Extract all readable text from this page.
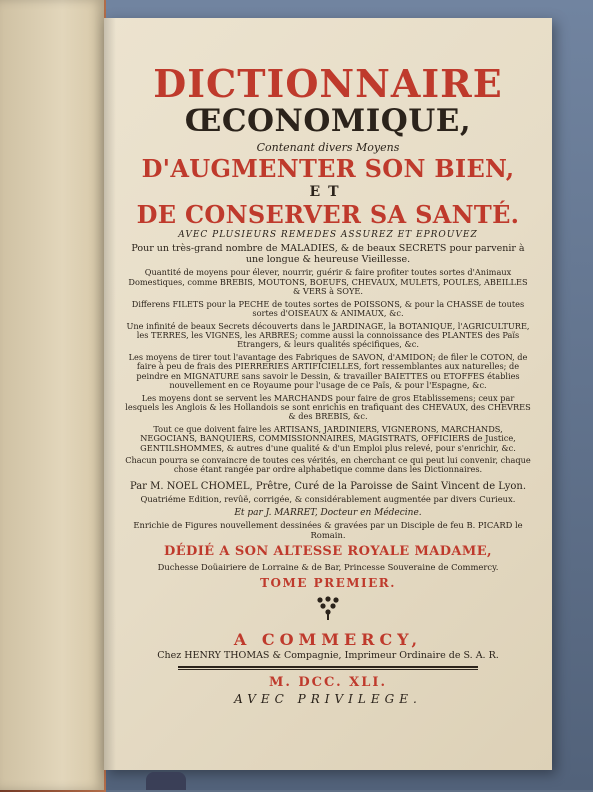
DICTIONNAIRE

ŒCONOMIQUE,

Contenant divers Moyens

D'AUGMENTER SON BIEN,

ET

DE CONSERVER SA SANTÉ.

AVEC PLUSIEURS REMEDES ASSUREZ ET EPROUVEZ

Pour un très-grand nombre de MALADIES, & de beaux SECRETS pour parvenir à une longue & heureuse Vieillesse.

Quantité de moyens pour élever, nourrir, guérir & faire profiter toutes sortes d'Animaux Domestiques, comme BREBIS, MOUTONS, BOEUFS, CHEVAUX, MULETS, POULES, ABEILLES & VERS à SOYE.

Differens FILETS pour la PECHE de toutes sortes de POISSONS, & pour la CHASSE de toutes sortes d'OISEAUX & ANIMAUX, &c.

Une infinité de beaux Secrets découverts dans le JARDINAGE, la BOTANIQUE, l'AGRICULTURE, les TERRES, les VIGNES, les ARBRES; comme aussi la connoissance des PLANTES des Païs Etrangers, & leurs qualités spécifiques, &c.

Les moyens de tirer tout l'avantage des Fabriques de SAVON, d'AMIDON; de filer le COTON, de faire à peu de frais des PIERRERIES ARTIFICIELLES, fort ressemblantes aux naturelles; de peindre en MIGNATURE sans savoir le Dessin, & travailler BAIETTES ou ETOFFES établies nouvellement en ce Royaume pour l'usage de ce Païs, & pour l'Espagne, &c.

Les moyens dont se servent les MARCHANDS pour faire de gros Etablissemens; ceux par lesquels les Anglois & les Hollandois se sont enrichis en trafiquant des CHEVAUX, des CHEVRES & des BREBIS, &c.

Tout ce que doivent faire les ARTISANS, JARDINIERS, VIGNERONS, MARCHANDS, NEGOCIANS, BANQUIERS, COMMISSIONNAIRES, MAGISTRATS, OFFICIERS de Justice, GENTILSHOMMES, & autres d'une qualité & d'un Emploi plus relevé, pour s'enrichir, &c.

Chacun pourra se convaincre de toutes ces vérités, en cherchant ce qui peut lui convenir, chaque chose étant rangée par ordre alphabetique comme dans les Dictionnaires.

Par M. NOEL CHOMEL, Prêtre, Curé de la Paroisse de Saint Vincent de Lyon.

Quatriéme Edition, revûë, corrigée, & considérablement augmentée par divers Curieux.

Et par J. MARRET, Docteur en Médecine.

Enrichie de Figures nouvellement dessinées & gravées par un Disciple de feu B. PICARD le Romain.

DÉDIÉ A SON ALTESSE ROYALE MADAME,

Duchesse Doüairiere de Lorraine & de Bar, Princesse Souveraine de Commercy.

TOME PREMIER.

A COMMERCY,

Chez HENRY THOMAS & Compagnie, Imprimeur Ordinaire de S. A. R.

M. DCC. XLI.

AVEC PRIVILEGE.
